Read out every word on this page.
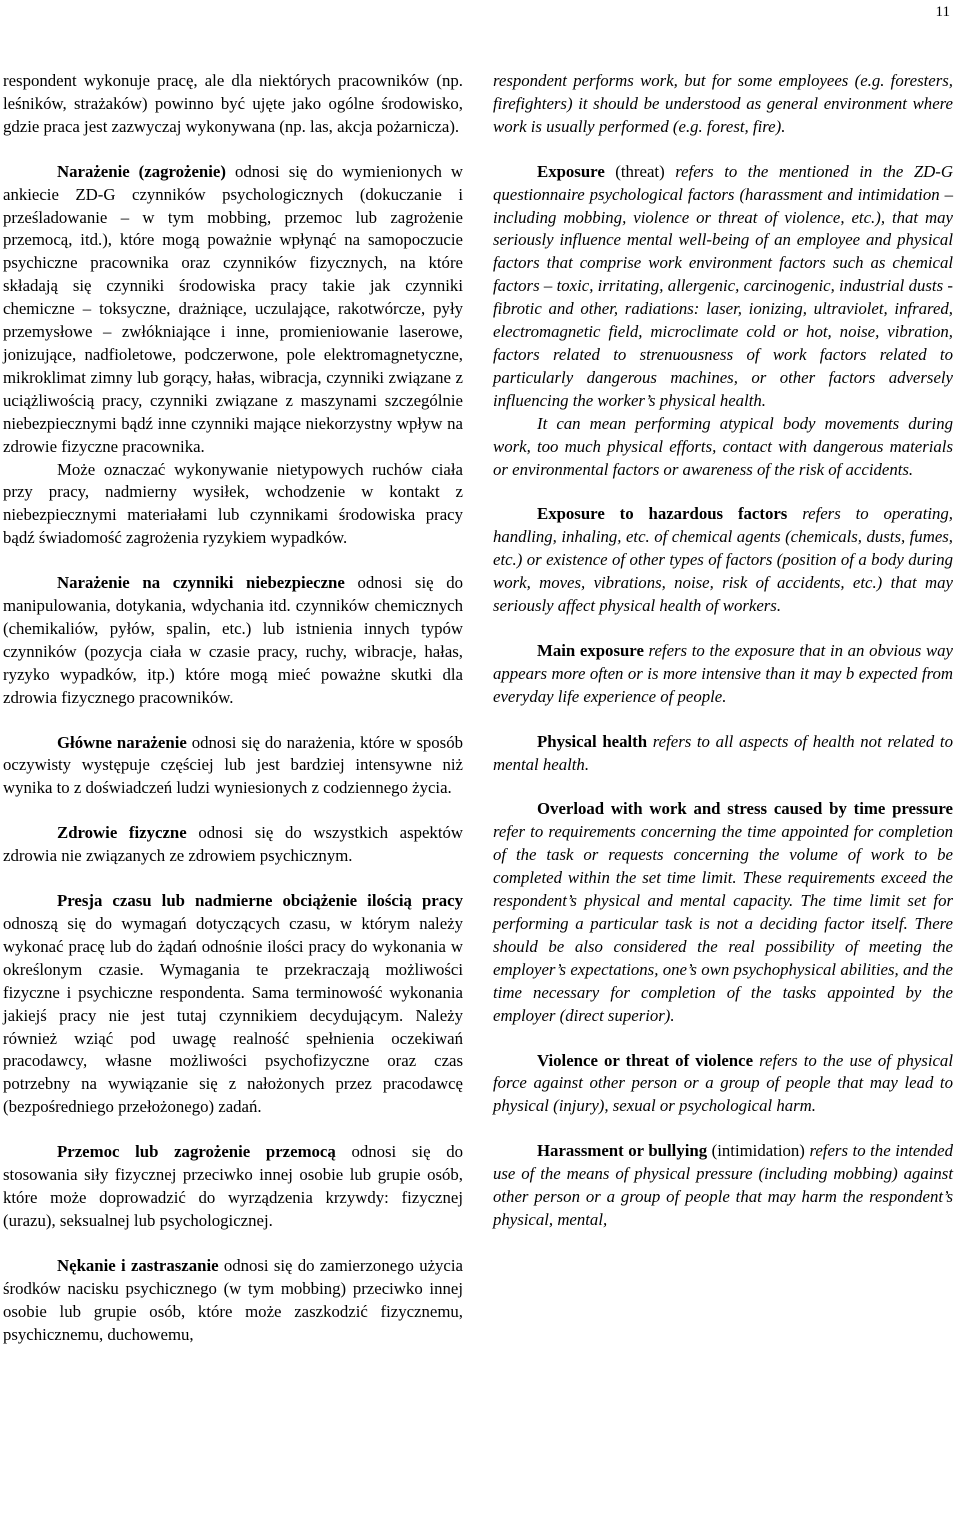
11

respondent wykonuje pracę, ale dla niektórych pracowników (np. leśników, strażaków) powinno być ujęte jako ogólne środowisko, gdzie praca jest zazwyczaj wykonywana (np. las, akcja pożarnicza).

Narażenie (zagrożenie) odnosi się do wymienionych w ankiecie ZD-G czynników psychologicznych (dokuczanie i prześladowanie – w tym mobbing, przemoc lub zagrożenie przemocą, itd.), które mogą poważnie wpłynąć na samopoczucie psychiczne pracownika oraz czynników fizycznych, na które składają się czynniki środowiska pracy takie jak czynniki chemiczne – toksyczne, drażniące, uczulające, rakotwórcze, pyły przemysłowe – zwłókniające i inne, promieniowanie laserowe, jonizujące, nadfioletowe, podczerwone, pole elektromagnetyczne, mikroklimat zimny lub gorący, hałas, wibracja, czynniki związane z uciążliwością pracy, czynniki związane z maszynami szczególnie niebezpiecznymi bądź inne czynniki mające niekorzystny wpływ na zdrowie fizyczne pracownika.

Może oznaczać wykonywanie nietypowych ruchów ciała przy pracy, nadmierny wysiłek, wchodzenie w kontakt z niebezpiecznymi materiałami lub czynnikami środowiska pracy bądź świadomość zagrożenia ryzykiem wypadków.

Narażenie na czynniki niebezpieczne odnosi się do manipulowania, dotykania, wdychania itd. czynników chemicznych (chemikaliów, pyłów, spalin, etc.) lub istnienia innych typów czynników (pozycja ciała w czasie pracy, ruchy, wibracje, hałas, ryzyko wypadków, itp.) które mogą mieć poważne skutki dla zdrowia fizycznego pracowników.

Główne narażenie odnosi się do narażenia, które w sposób oczywisty występuje częściej lub jest bardziej intensywne niż wynika to z doświadczeń ludzi wyniesionych z codziennego życia.

Zdrowie fizyczne odnosi się do wszystkich aspektów zdrowia nie związanych ze zdrowiem psychicznym.

Presja czasu lub nadmierne obciążenie ilością pracy odnoszą się do wymagań dotyczących czasu, w którym należy wykonać pracę lub do żądań odnośnie ilości pracy do wykonania w określonym czasie. Wymagania te przekraczają możliwości fizyczne i psychiczne respondenta. Sama terminowość wykonania jakiejś pracy nie jest tutaj czynnikiem decydującym. Należy również wziąć pod uwagę realność spełnienia oczekiwań pracodawcy, własne możliwości psychofizyczne oraz czas potrzebny na wywiązanie się z nałożonych przez pracodawcę (bezpośredniego przełożonego) zadań.

Przemoc lub zagrożenie przemocą odnosi się do stosowania siły fizycznej przeciwko innej osobie lub grupie osób, które może doprowadzić do wyrządzenia krzywdy: fizycznej (urazu), seksualnej lub psychologicznej.

Nękanie i zastraszanie odnosi się do zamierzonego użycia środków nacisku psychicznego (w tym mobbing) przeciwko innej osobie lub grupie osób, które może zaszkodzić fizycznemu, psychicznemu, duchowemu,

respondent performs work, but for some employees (e.g. foresters, firefighters) it should be understood as general environment where work is usually performed (e.g. forest, fire).

Exposure (threat) refers to the mentioned in the ZD-G questionnaire psychological factors (harassment and intimidation – including mobbing, violence or threat of violence, etc.), that may seriously influence mental well-being of an employee and physical factors that comprise work environment factors such as chemical factors – toxic, irritating, allergenic, carcinogenic, industrial dusts - fibrotic and other, radiations: laser, ionizing, ultraviolet, infrared, electromagnetic field, microclimate cold or hot, noise, vibration, factors related to strenuousness of work factors related to particularly dangerous machines, or other factors adversely influencing the worker’s physical health.

It can mean performing atypical body movements during work, too much physical efforts, contact with dangerous materials or environmental factors or awareness of the risk of accidents.

Exposure to hazardous factors refers to operating, handling, inhaling, etc. of chemical agents (chemicals, dusts, fumes, etc.) or existence of other types of factors (position of a body during work, moves, vibrations, noise, risk of accidents, etc.) that may seriously affect physical health of workers.

Main exposure refers to the exposure that in an obvious way appears more often or is more intensive than it may b expected from everyday life experience of people.

Physical health refers to all aspects of health not related to mental health.

Overload with work and stress caused by time pressure refer to requirements concerning the time appointed for completion of the task or requests concerning the volume of work to be completed within the set time limit. These requirements exceed the respondent’s physical and mental capacity. The time limit set for performing a particular task is not a deciding factor itself. There should be also considered the real possibility of meeting the employer’s expectations, one’s own psychophysical abilities, and the time necessary for completion of the tasks appointed by the employer (direct superior).

Violence or threat of violence refers to the use of physical force against other person or a group of people that may lead to physical (injury), sexual or psychological harm.

Harassment or bullying (intimidation) refers to the intended use of the means of physical pressure (including mobbing) against other person or a group of people that may harm the respondent’s physical, mental,
